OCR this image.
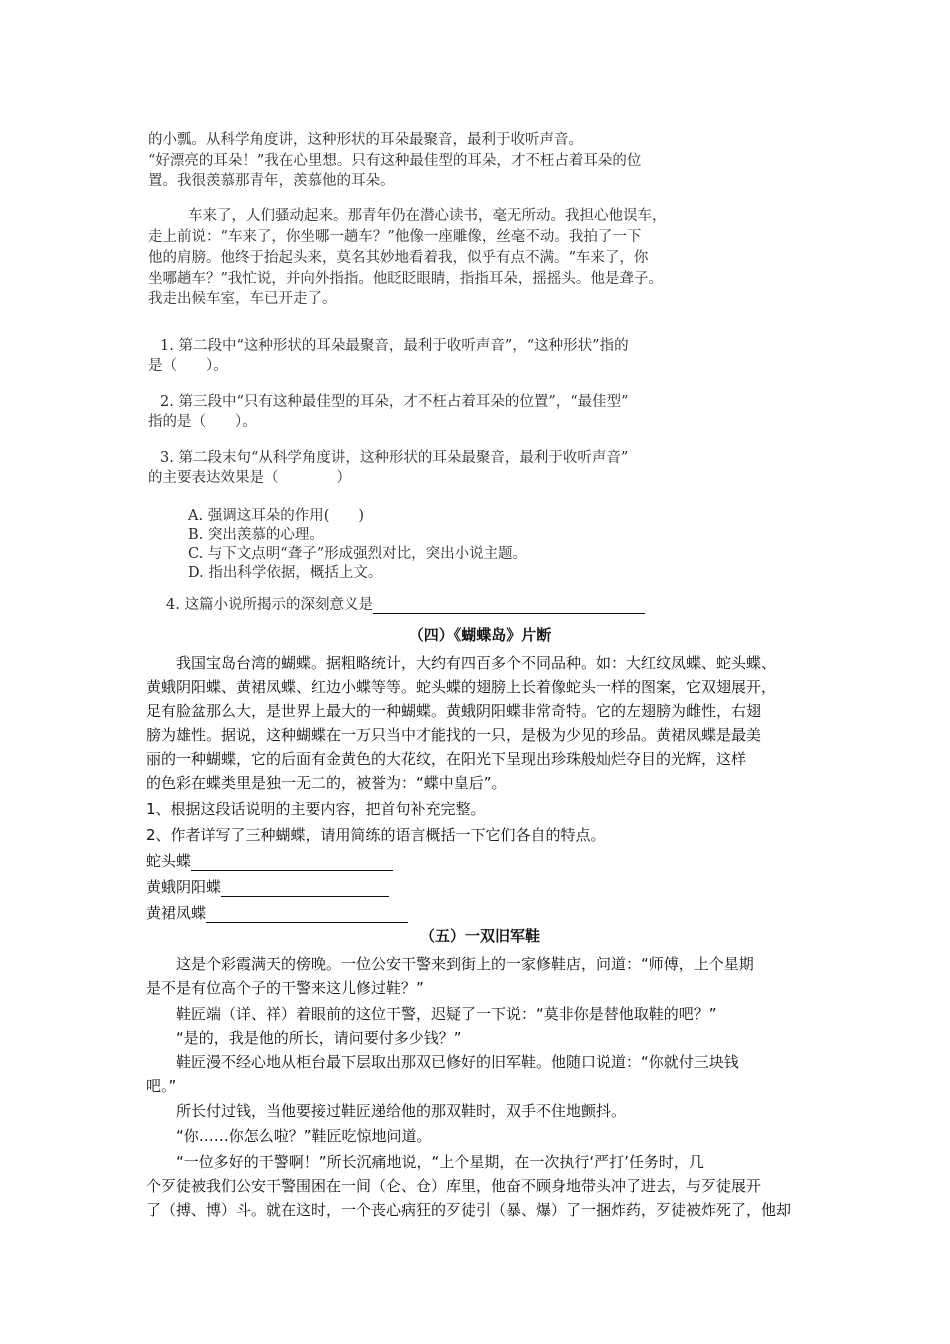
的小瓢。从科学角度讲，这种形状的耳朵最聚音，最利于收听声音。
“好漂亮的耳朵！”我在心里想。只有这种最佳型的耳朵，才不枉占着耳朵的位
置。我很羡慕那青年，羡慕他的耳朵。
车来了，人们骚动起来。那青年仍在潜心读书，毫无所动。我担心他误车，
走上前说：“车来了，你坐哪一趟车？”他像一座雕像，丝毫不动。我拍了一下
他的肩膀。他终于抬起头来，莫名其妙地看着我，似乎有点不满。“车来了，你
坐哪趟车？”我忙说，并向外指指。他眨眨眼睛，指指耳朵，摇摇头。他是聋子。
我走出候车室，车已开走了。
1. 第二段中“这种形状的耳朵最聚音，最利于收听声音”，“这种形状”指的
是（　　）。
2. 第三段中“只有这种最佳型的耳朵，才不枉占着耳朵的位置”，“最佳型”
指的是（　　）。
3. 第二段末句“从科学角度讲，这种形状的耳朵最聚音，最利于收听声音”
的主要表达效果是（　　　　）
A. 强调这耳朵的作用(　　)
B. 突出羡慕的心理。
C. 与下文点明“聋子”形成强烈对比，突出小说主题。
D. 指出科学依据，概括上文。
4. 这篇小说所揭示的深刻意义是
（四）《蝴蝶岛》片断
我国宝岛台湾的蝴蝶。据粗略统计，大约有四百多个不同品种。如：大红纹凤蝶、蛇头蝶、
黄蛾阴阳蝶、黄裙凤蝶、红边小蝶等等。蛇头蝶的翅膀上长着像蛇头一样的图案，它双翅展开，
足有脸盆那么大，是世界上最大的一种蝴蝶。黄蛾阴阳蝶非常奇特。它的左翅膀为雌性，右翅
膀为雄性。据说，这种蝴蝶在一万只当中才能找的一只，是极为少见的珍品。黄裙凤蝶是最美
丽的一种蝴蝶，它的后面有金黄色的大花纹，在阳光下呈现出珍珠般灿烂夺目的光辉，这样
的色彩在蝶类里是独一无二的，被誉为：“蝶中皇后”。
1、根据这段话说明的主要内容，把首句补充完整。
2、作者详写了三种蝴蝶，请用简练的语言概括一下它们各自的特点。
蛇头蝶
黄蛾阴阳蝶
黄裙凤蝶
（五）一双旧军鞋
这是个彩霞满天的傍晚。一位公安干警来到街上的一家修鞋店，问道：“师傅，上个星期
是不是有位高个子的干警来这儿修过鞋？”
鞋匠端（详、祥）着眼前的这位干警，迟疑了一下说：“莫非你是替他取鞋的吧？”
“是的，我是他的所长，请问要付多少钱？”
鞋匠漫不经心地从柜台最下层取出那双已修好的旧军鞋。他随口说道：“你就付三块钱
吧。”
所长付过钱，当他要接过鞋匠递给他的那双鞋时，双手不住地颤抖。
“你……你怎么啦？”鞋匠吃惊地问道。
“一位多好的干警啊！”所长沉痛地说，“上个星期，在一次执行‘严打’任务时，几
个歹徒被我们公安干警围困在一间（仑、仓）库里，他奋不顾身地带头冲了进去，与歹徒展开
了（搏、博）斗。就在这时，一个丧心病狂的歹徒引（暴、爆）了一捆炸药，歹徒被炸死了，他却
